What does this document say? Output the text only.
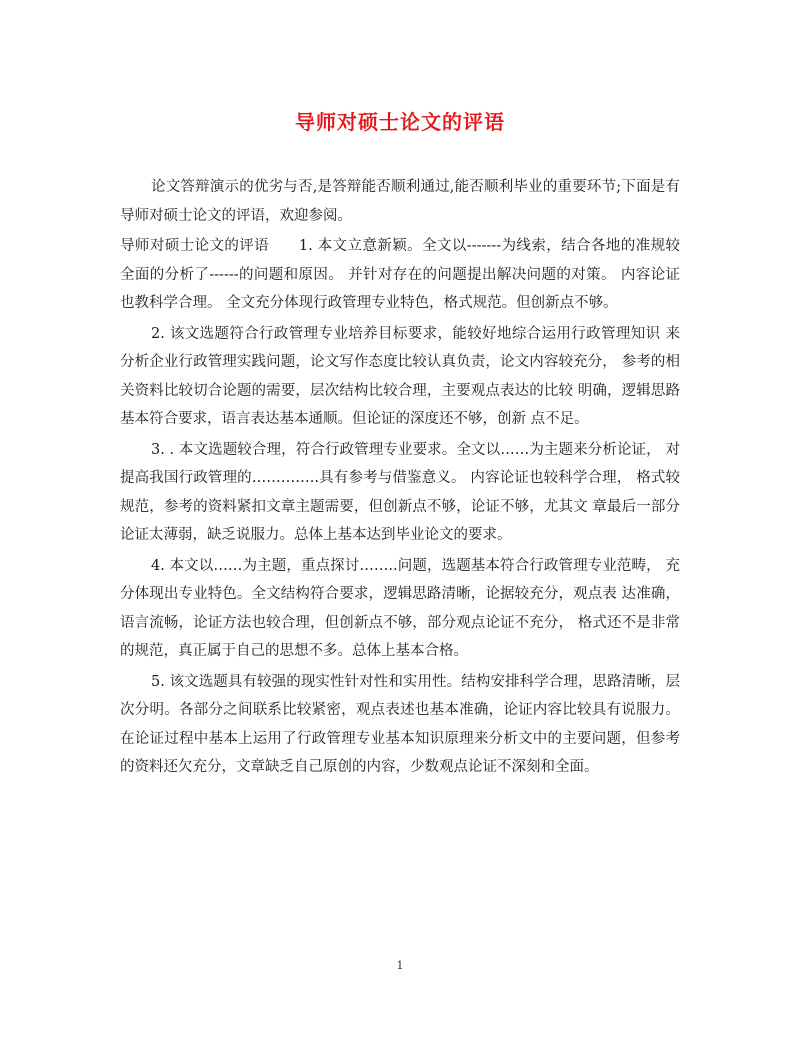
导师对硕士论文的评语

论文答辩演示的优劣与否,是答辩能否顺利通过,能否顺利毕业的重要环节;下面是有导师对硕士论文的评语，欢迎参阅。

导师对硕士论文的评语　　1. 本文立意新颖。全文以-------为线索，结合各地的准规较全面的分析了------的问题和原因。 并针对存在的问题提出解决问题的对策。 内容论证也教科学合理。 全文充分体现行政管理专业特色，格式规范。但创新点不够。

2. 该文选题符合行政管理专业培养目标要求，能较好地综合运用行政管理知识 来分析企业行政管理实践问题，论文写作态度比较认真负责，论文内容较充分， 参考的相关资料比较切合论题的需要，层次结构比较合理，主要观点表达的比较 明确，逻辑思路基本符合要求，语言表达基本通顺。但论证的深度还不够，创新 点不足。

3. . 本文选题较合理，符合行政管理专业要求。全文以……为主题来分析论证， 对提高我国行政管理的…………..具有参考与借鉴意义。 内容论证也较科学合理， 格式较规范，参考的资料紧扣文章主题需要，但创新点不够，论证不够，尤其文 章最后一部分论证太薄弱，缺乏说服力。总体上基本达到毕业论文的要求。

4. 本文以……为主题，重点探讨……..问题，选题基本符合行政管理专业范畴， 充分体现出专业特色。全文结构符合要求，逻辑思路清晰，论据较充分，观点表 达准确，语言流畅，论证方法也较合理，但创新点不够，部分观点论证不充分， 格式还不是非常的规范，真正属于自己的思想不多。总体上基本合格。

5. 该文选题具有较强的现实性针对性和实用性。结构安排科学合理，思路清晰，层次分明。各部分之间联系比较紧密，观点表述也基本准确，论证内容比较具有说服力。 在论证过程中基本上运用了行政管理专业基本知识原理来分析文中的主要问题，但参考的资料还欠充分，文章缺乏自己原创的内容，少数观点论证不深刻和全面。

1
